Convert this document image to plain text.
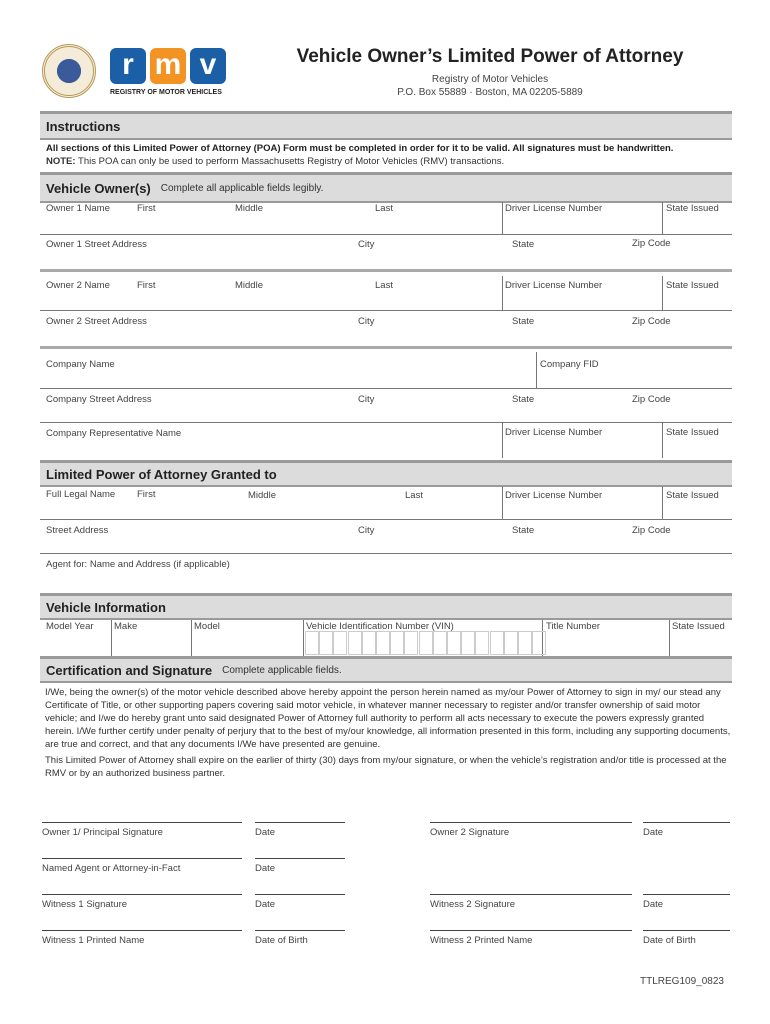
r m v
REGISTRY OF MOTOR VEHICLES
Vehicle Owner’s Limited Power of Attorney
Registry of Motor Vehicles
P.O. Box 55889 · Boston, MA 02205-5889
Instructions
All sections of this Limited Power of Attorney (POA) Form must be completed in order for it to be valid. All signatures must be handwritten.
NOTE: This POA can only be used to perform Massachusetts Registry of Motor Vehicles (RMV) transactions.
Vehicle Owner(s) Complete all applicable fields legibly.
Owner 1 Name	First	Middle	Last	Driver License Number	State Issued
Owner 1 Street Address	City	State	Zip Code
Owner 2 Name	First	Middle	Last	Driver License Number	State Issued
Owner 2 Street Address	City	State	Zip Code
Company Name	Company FID
Company Street Address	City	State	Zip Code
Company Representative Name	Driver License Number	State Issued
Limited Power of Attorney Granted to
Full Legal Name First	Middle	Last	Driver License Number	State Issued
Street Address	City	State	Zip Code
Agent for: Name and Address (if applicable)
Vehicle Information
Model Year Make	Model	Vehicle Identification Number (VIN)	Title Number	State Issued
Certification and Signature Complete applicable fields.
I/We, being the owner(s) of the motor vehicle described above hereby appoint the person herein named as my/our Power of Attorney to sign in my/ our stead any Certificate of Title, or other supporting papers covering said motor vehicle, in whatever manner necessary to register and/or transfer ownership of said motor vehicle; and I/we do hereby grant unto said designated Power of Attorney full authority to perform all acts necessary to execute the powers expressly granted herein. I/We further certify under penalty of perjury that to the best of my/our knowledge, all information presented in this form, including any supporting documents, are true and correct, and that any documents I/We have presented are genuine.
This Limited Power of Attorney shall expire on the earlier of thirty (30) days from my/our signature, or when the vehicle’s registration and/or title is processed at the RMV or by an authorized business partner.
Owner 1/ Principal Signature	Date	Owner 2 Signature	Date
Named Agent or Attorney-in-Fact	Date
Witness 1 Signature	Date	Witness 2 Signature	Date
Witness 1 Printed Name	Date of Birth	Witness 2 Printed Name	Date of Birth
TTLREG109_0823
